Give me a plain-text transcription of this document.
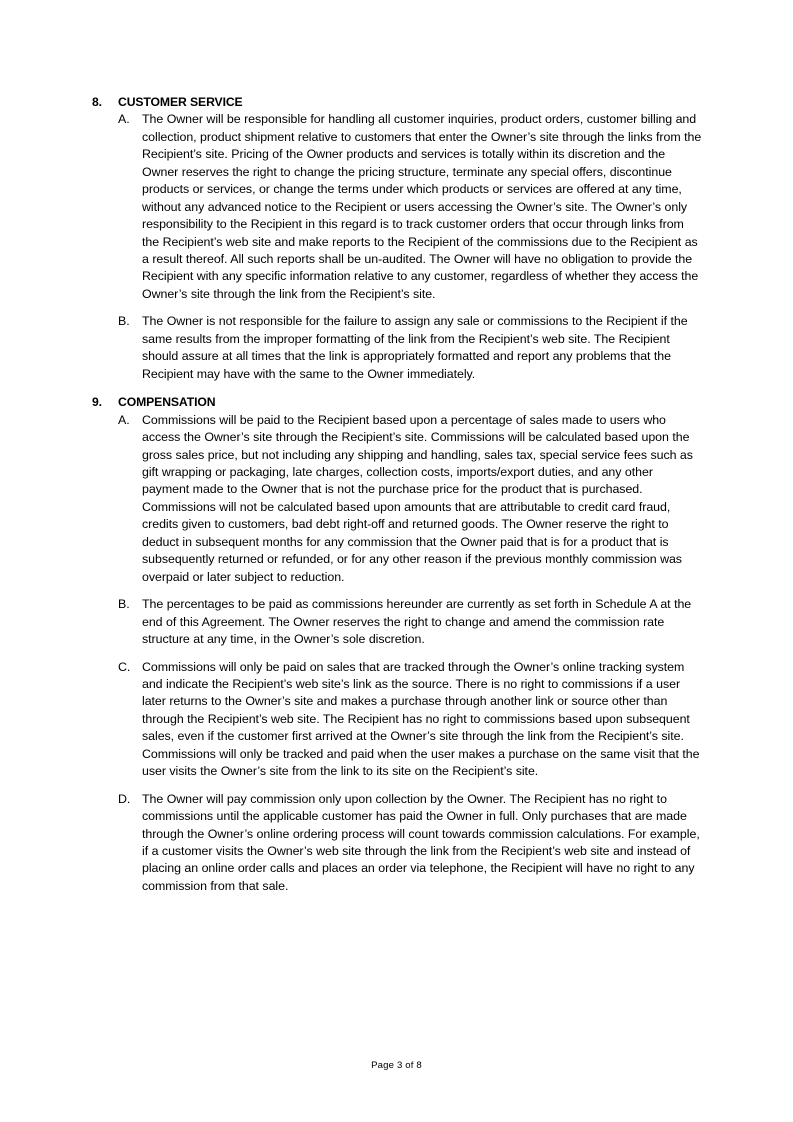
8. CUSTOMER SERVICE
A. The Owner will be responsible for handling all customer inquiries, product orders, customer billing and collection, product shipment relative to customers that enter the Owner’s site through the links from the Recipient’s site. Pricing of the Owner products and services is totally within its discretion and the Owner reserves the right to change the pricing structure, terminate any special offers, discontinue products or services, or change the terms under which products or services are offered at any time, without any advanced notice to the Recipient or users accessing the Owner’s site. The Owner’s only responsibility to the Recipient in this regard is to track customer orders that occur through links from the Recipient’s web site and make reports to the Recipient of the commissions due to the Recipient as a result thereof. All such reports shall be un-audited. The Owner will have no obligation to provide the Recipient with any specific information relative to any customer, regardless of whether they access the Owner’s site through the link from the Recipient’s site.
B. The Owner is not responsible for the failure to assign any sale or commissions to the Recipient if the same results from the improper formatting of the link from the Recipient’s web site. The Recipient  should assure at all times that the link is appropriately formatted and report any problems that the Recipient may have with the same to the Owner immediately.
9. COMPENSATION
A. Commissions will be paid to the Recipient based upon a percentage of sales made to users who access the Owner’s site through the Recipient’s site. Commissions will be calculated based upon the gross sales price, but not including any shipping and handling, sales tax, special service fees such as gift wrapping or packaging, late charges, collection costs, imports/export duties, and any other payment made to the Owner that is not the purchase price for the product that is purchased. Commissions will not be calculated based upon amounts that are attributable to credit card fraud, credits given to customers, bad debt right-off and returned goods. The Owner reserve the right to deduct in subsequent months for any commission that the Owner paid that is for a product that is subsequently returned or refunded, or for any other reason if the previous monthly commission was overpaid or later subject to reduction.
B. The percentages to be paid as commissions hereunder are currently as set forth in Schedule A at the end of this Agreement. The Owner reserves the right to change and amend the commission rate structure at any time, in the Owner’s sole discretion.
C. Commissions will only be paid on sales that are tracked through the Owner’s online tracking system and indicate the Recipient’s web site’s link as the source. There is no right to commissions if a user later returns to the Owner’s site and makes a purchase through another link or source other than through the Recipient’s web site. The Recipient has no right to commissions based upon subsequent sales, even if the customer first arrived at the Owner’s site through the link from the Recipient’s site. Commissions will only be tracked and paid when the user makes a purchase on the same visit that the user visits the Owner’s site from the link to its site on the Recipient’s site.
D. The Owner will pay commission only upon collection by the Owner. The Recipient has no right to commissions until the applicable customer has paid the Owner in full. Only purchases that are made through the Owner’s online ordering process will count towards commission calculations. For example, if a customer visits the Owner’s web site through the link from the Recipient’s web site and instead of placing an online order calls and places an order via telephone, the Recipient will have no right to any commission from that sale.
Page 3 of 8
